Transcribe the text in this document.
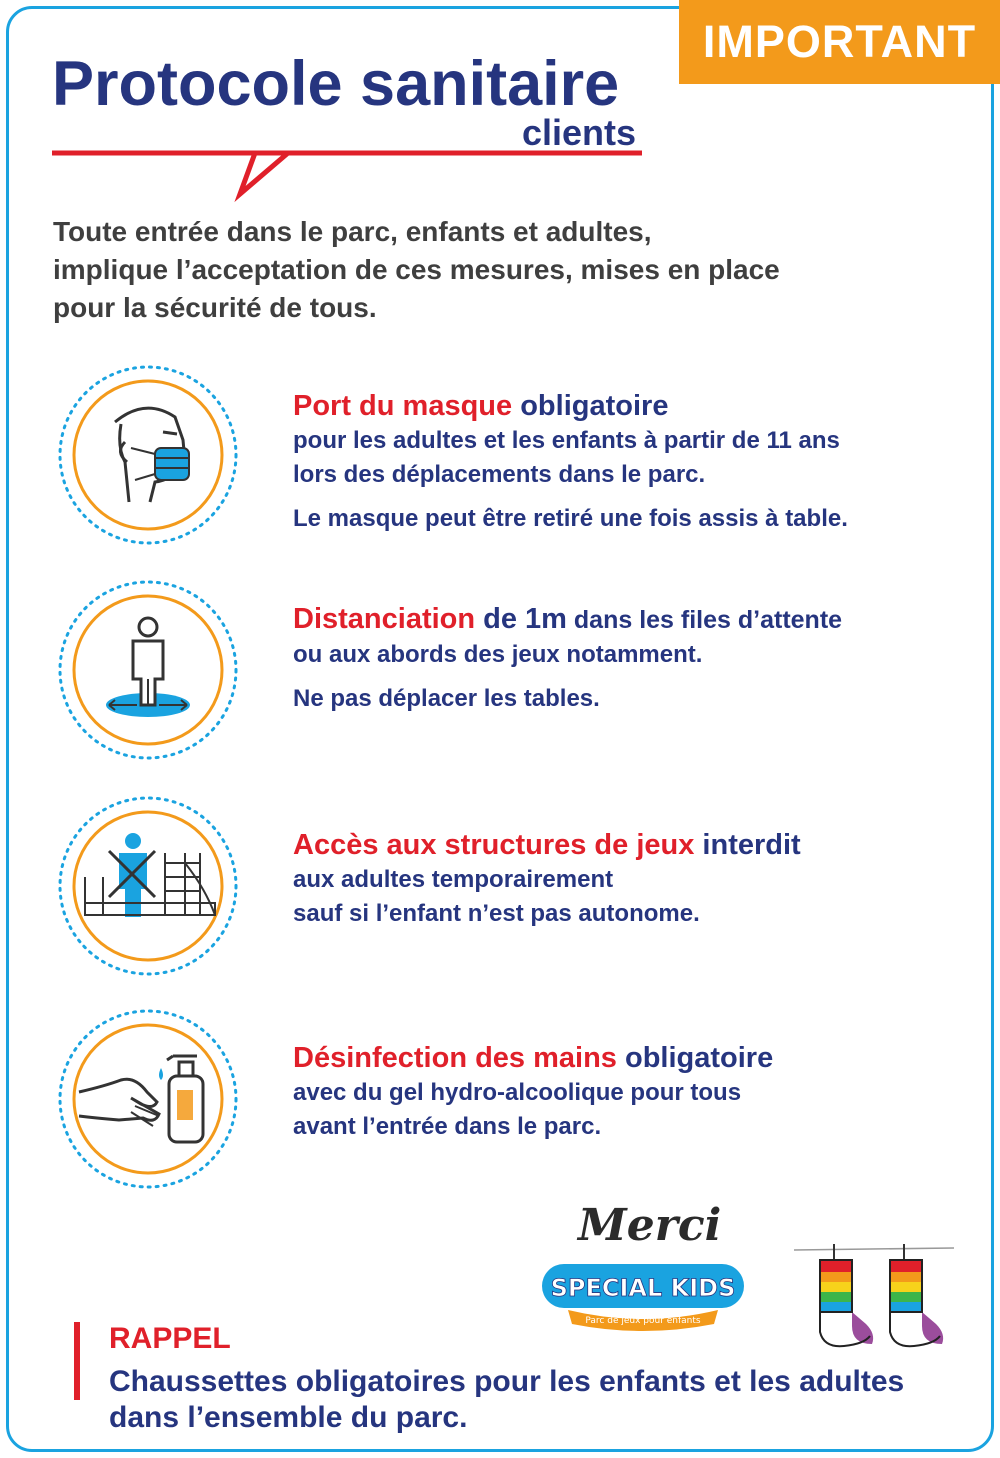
IMPORTANT
Protocole sanitaire
clients
Toute entrée dans le parc, enfants et adultes,
implique l’acceptation de ces mesures, mises en place
pour la sécurité de tous.
Port du masque obligatoire
pour les adultes et les enfants à partir de 11 ans
lors des déplacements dans le parc.
Le masque peut être retiré une fois assis à table.
Distanciation de 1m dans les files d’attente
ou aux abords des jeux notamment.
Ne pas déplacer les tables.
Accès aux structures de jeux interdit
aux adultes temporairement
sauf si l’enfant n’est pas autonome.
Désinfection des mains obligatoire
avec du gel hydro-alcoolique pour tous
avant l’entrée dans le parc.
Merci
SPECIAL KIDS
Parc de jeux pour enfants
RAPPEL
Chaussettes obligatoires pour les enfants et les adultes
dans l’ensemble du parc.
